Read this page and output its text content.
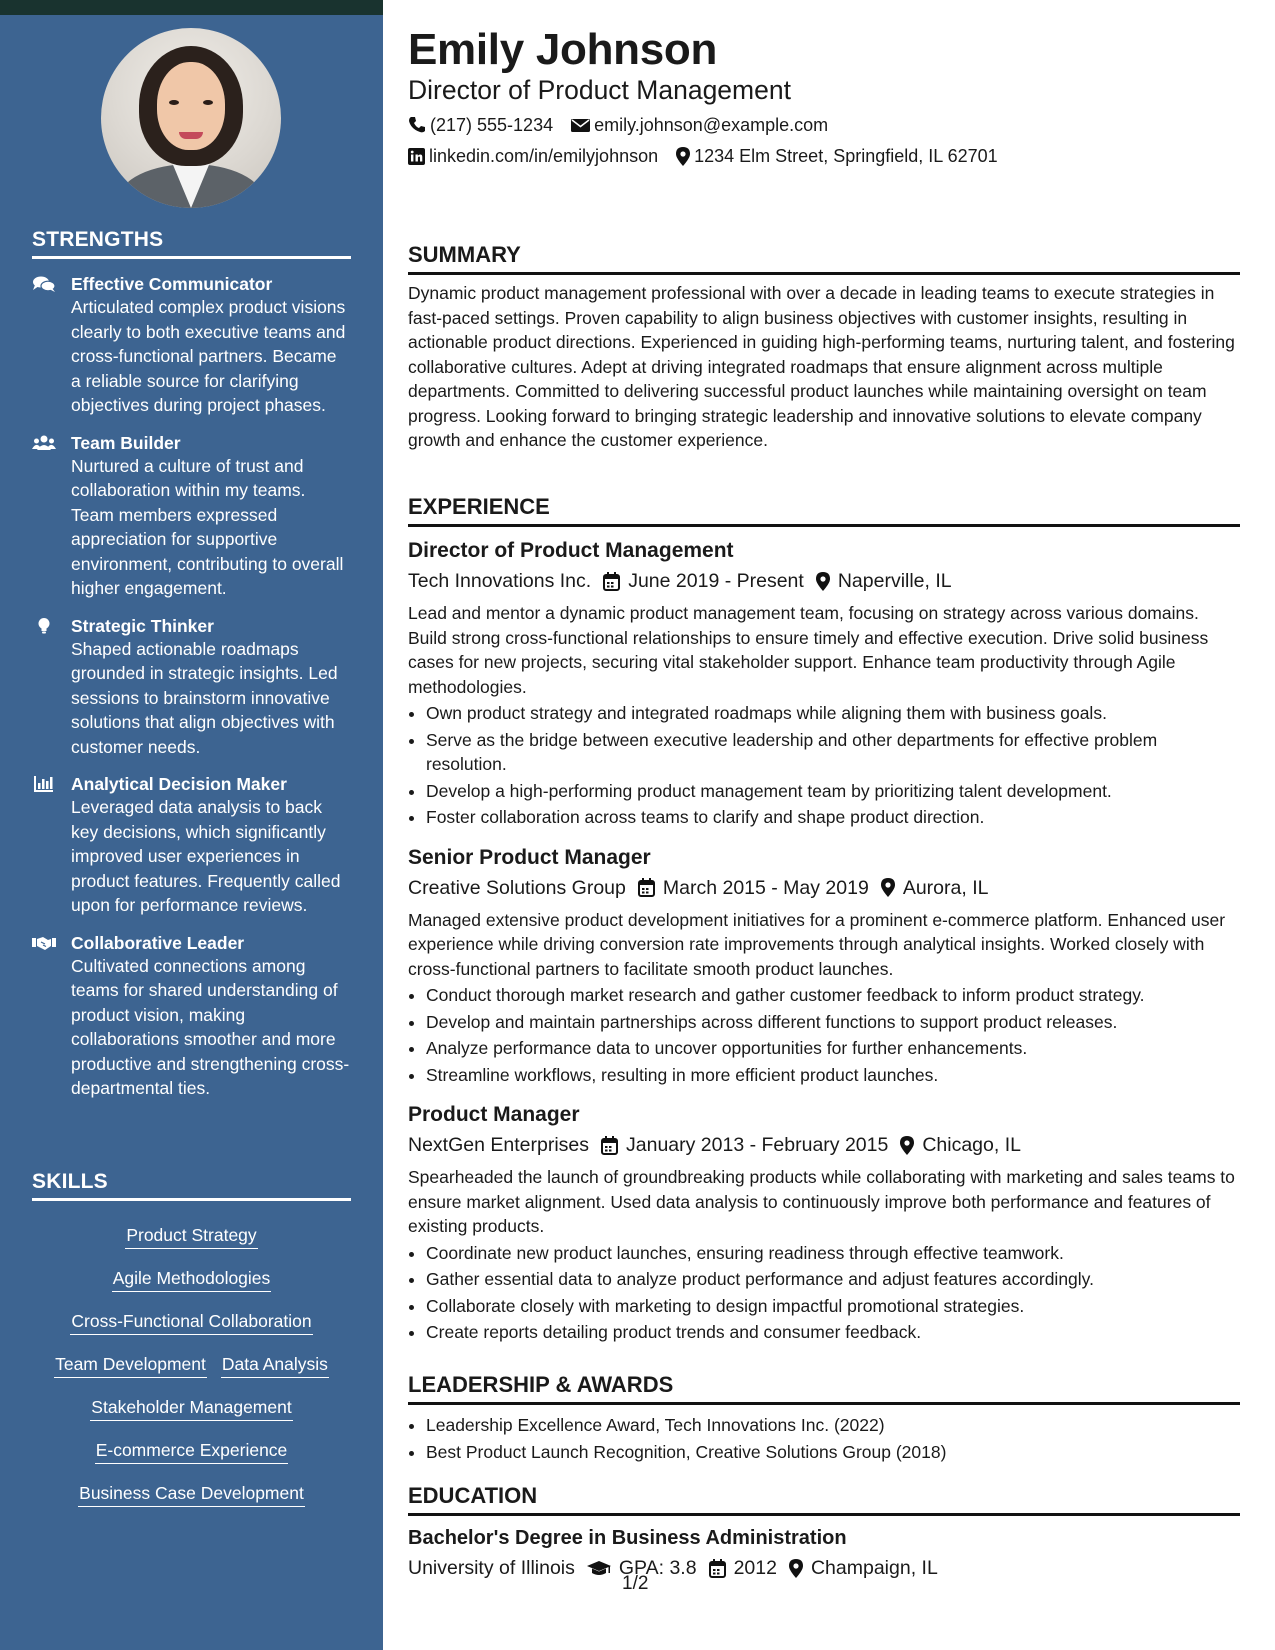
STRENGTHS
Effective Communicator
Articulated complex product visions clearly to both executive teams and cross-functional partners. Became a reliable source for clarifying objectives during project phases.
Team Builder
Nurtured a culture of trust and collaboration within my teams. Team members expressed appreciation for supportive environment, contributing to overall higher engagement.
Strategic Thinker
Shaped actionable roadmaps grounded in strategic insights. Led sessions to brainstorm innovative solutions that align objectives with customer needs.
Analytical Decision Maker
Leveraged data analysis to back key decisions, which significantly improved user experiences in product features. Frequently called upon for performance reviews.
Collaborative Leader
Cultivated connections among teams for shared understanding of product vision, making collaborations smoother and more productive and strengthening cross-departmental ties.
SKILLS
Product Strategy
Agile Methodologies
Cross-Functional Collaboration
Team Development Data Analysis
Stakeholder Management
E-commerce Experience
Business Case Development
Emily Johnson
Director of Product Management
(217) 555-1234 emily.johnson@example.com
linkedin.com/in/emilyjohnson 1234 Elm Street, Springfield, IL 62701
SUMMARY

Dynamic product management professional with over a decade in leading teams to execute strategies in fast-paced settings. Proven capability to align business objectives with customer insights, resulting in actionable product directions. Experienced in guiding high-performing teams, nurturing talent, and fostering collaborative cultures. Adept at driving integrated roadmaps that ensure alignment across multiple departments. Committed to delivering successful product launches while maintaining oversight on team progress. Looking forward to bringing strategic leadership and innovative solutions to elevate company growth and enhance the customer experience.

EXPERIENCE
Director of Product Management
Tech Innovations Inc. June 2019 - Present Naperville, IL

Lead and mentor a dynamic product management team, focusing on strategy across various domains. Build strong cross-functional relationships to ensure timely and effective execution. Drive solid business cases for new projects, securing vital stakeholder support. Enhance team productivity through Agile methodologies.

• Own product strategy and integrated roadmaps while aligning them with business goals.
• Serve as the bridge between executive leadership and other departments for effective problem resolution.
• Develop a high-performing product management team by prioritizing talent development.
• Foster collaboration across teams to clarify and shape product direction.
Senior Product Manager
Creative Solutions Group March 2015 - May 2019 Aurora, IL

Managed extensive product development initiatives for a prominent e-commerce platform. Enhanced user experience while driving conversion rate improvements through analytical insights. Worked closely with cross-functional partners to facilitate smooth product launches.

• Conduct thorough market research and gather customer feedback to inform product strategy.
• Develop and maintain partnerships across different functions to support product releases.
• Analyze performance data to uncover opportunities for further enhancements.
• Streamline workflows, resulting in more efficient product launches.
Product Manager
NextGen Enterprises January 2013 - February 2015 Chicago, IL

Spearheaded the launch of groundbreaking products while collaborating with marketing and sales teams to ensure market alignment. Used data analysis to continuously improve both performance and features of existing products.

• Coordinate new product launches, ensuring readiness through effective teamwork.
• Gather essential data to analyze product performance and adjust features accordingly.
• Collaborate closely with marketing to design impactful promotional strategies.
• Create reports detailing product trends and consumer feedback.
LEADERSHIP & AWARDS
• Leadership Excellence Award, Tech Innovations Inc. (2022)
• Best Product Launch Recognition, Creative Solutions Group (2018)
EDUCATION
Bachelor's Degree in Business Administration
University of Illinois GPA: 3.8 2012 Champaign, IL
1/2
